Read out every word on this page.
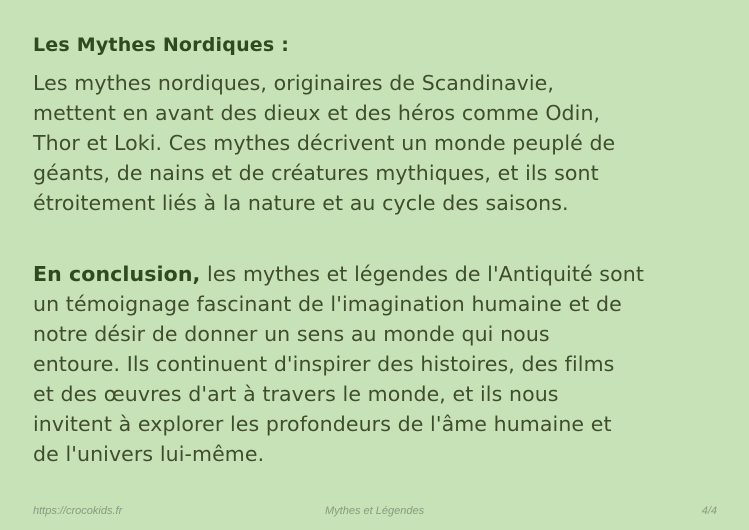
Les Mythes Nordiques :
Les mythes nordiques, originaires de Scandinavie,
mettent en avant des dieux et des héros comme Odin,
Thor et Loki. Ces mythes décrivent un monde peuplé de
géants, de nains et de créatures mythiques, et ils sont
étroitement liés à la nature et au cycle des saisons.
En conclusion, les mythes et légendes de l'Antiquité sont
un témoignage fascinant de l'imagination humaine et de
notre désir de donner un sens au monde qui nous
entoure. Ils continuent d'inspirer des histoires, des films
et des œuvres d'art à travers le monde, et ils nous
invitent à explorer les profondeurs de l'âme humaine et
de l'univers lui-même.
https://crocokids.fr	Mythes et Légendes	4/4
